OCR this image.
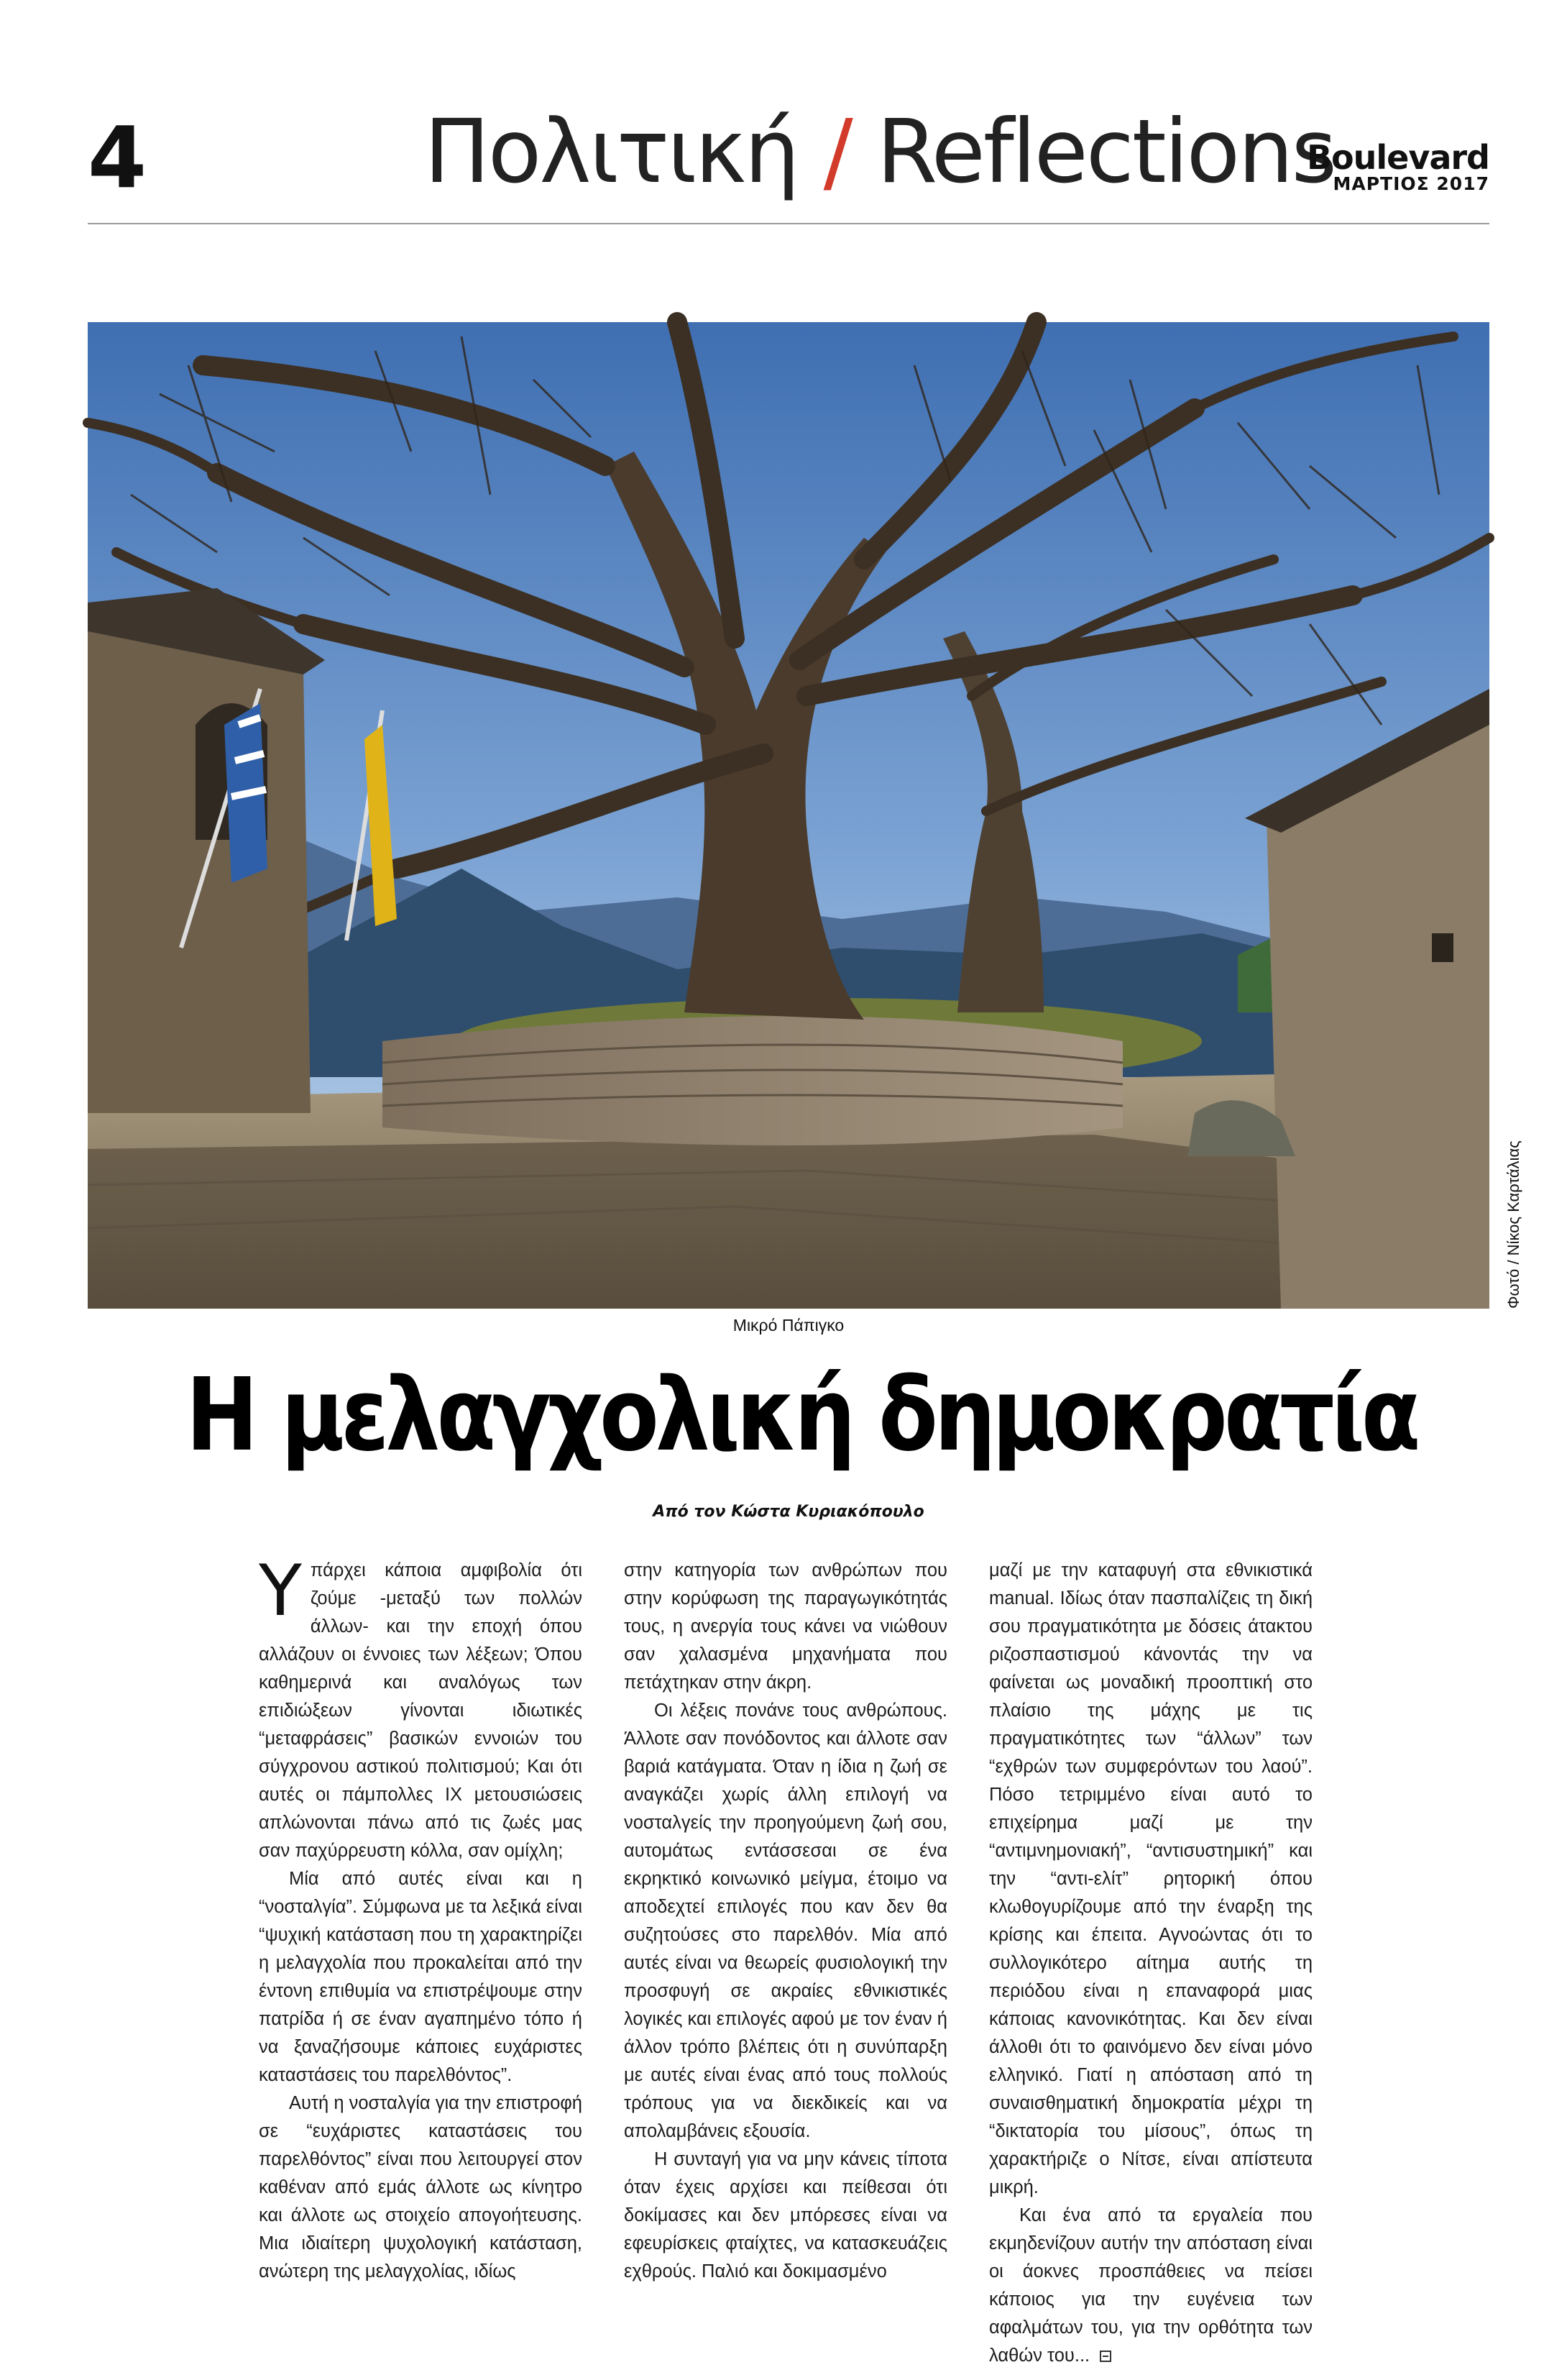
4	Πολιτική / Reflections
Boulevard
ΜΑΡΤΙΟΣ 2017
Φωτό / Nίκος Καρτάλιας
Μικρό Πάπιγκο
Η μελαγχολική δημοκρατία
Από τον Κώστα Κυριακόπουλο

Υπάρχει κάποια αμφιβολία ότι ζούμε -μεταξύ των πολλών άλλων- και την εποχή όπου αλλάζουν οι έννοιες των λέξεων; Όπου καθημερινά και αναλόγως των επιδιώξεων γίνονται ιδιωτικές “μεταφράσεις” βασικών εννοιών του σύγχρονου αστικού πολιτισμού; Και ότι αυτές οι πάμπολλες ΙΧ μετουσιώσεις απλώνονται πάνω από τις ζωές μας σαν παχύρρευστη κόλλα, σαν ομίχλη;

Μία από αυτές είναι και η “νοσταλγία”. Σύμφωνα με τα λεξικά είναι “ψυχική κατάσταση που τη χαρακτηρίζει η μελαγχολία που προκαλείται από την έντονη επιθυμία να επιστρέψουμε στην πατρίδα ή σε έναν αγαπημένο τόπο ή να ξαναζήσουμε κάποιες ευχάριστες καταστάσεις του παρελθόντος”.

Αυτή η νοσταλγία για την επιστροφή σε “ευχάριστες καταστάσεις του παρελθόντος” είναι που λειτουργεί στον καθέναν από εμάς άλλοτε ως κίνητρο και άλλοτε ως στοιχείο απογοήτευσης. Μια ιδιαίτερη ψυχολογική κατάσταση, ανώτερη της μελαγχολίας, ιδίως

στην κατηγορία των ανθρώπων που στην κορύφωση της παραγωγικότητάς τους, η ανεργία τους κάνει να νιώθουν σαν χαλασμένα μηχανήματα που πετάχτηκαν στην άκρη.

Οι λέξεις πονάνε τους ανθρώπους. Άλλοτε σαν πονόδοντος και άλλοτε σαν βαριά κατάγματα. Όταν η ίδια η ζωή σε αναγκάζει χωρίς άλλη επιλογή να νοσταλγείς την προηγούμενη ζωή σου, αυτομάτως εντάσσεσαι σε ένα εκρηκτικό κοινωνικό μείγμα, έτοιμο να αποδεχτεί επιλογές που καν δεν θα συζητούσες στο παρελθόν. Μία από αυτές είναι να θεωρείς φυσιολογική την προσφυγή σε ακραίες εθνικιστικές λογικές και επιλογές αφού με τον έναν ή άλλον τρόπο βλέπεις ότι η συνύπαρξη με αυτές είναι ένας από τους πολλούς τρόπους για να διεκδικείς και να απολαμβάνεις εξουσία.

Η συνταγή για να μην κάνεις τίποτα όταν έχεις αρχίσει και πείθεσαι ότι δοκίμασες και δεν μπόρεσες είναι να εφευρίσκεις φταίχτες, να κατασκευάζεις εχθρούς. Παλιό και δοκιμασμένο

μαζί με την καταφυγή στα εθνικιστικά manual. Ιδίως όταν πασπαλίζεις τη δική σου πραγματικότητα με δόσεις άτακτου ριζοσπαστισμού κάνοντάς την να φαίνεται ως μοναδική προοπτική στο πλαίσιο της μάχης με τις πραγματικότητες των “άλλων” των “εχθρών των συμφερόντων του λαού”. Πόσο τετριμμένο είναι αυτό το επιχείρημα μαζί με την “αντιμνημονιακή”, “αντισυστημική” και την “αντι-ελίτ” ρητορική όπου κλωθογυρίζουμε από την έναρξη της κρίσης και έπειτα. Αγνοώντας ότι το συλλογικότερο αίτημα αυτής τη περιόδου είναι η επαναφορά μιας κάποιας κανονικότητας. Και δεν είναι άλλοθι ότι το φαινόμενο δεν είναι μόνο ελληνικό. Γιατί η απόσταση από τη συναισθηματική δημοκρατία μέχρι τη “δικτατορία του μίσους”, όπως τη χαρακτήριζε ο Νίτσε, είναι απίστευτα μικρή.

Και ένα από τα εργαλεία που εκμηδενίζουν αυτήν την απόσταση είναι οι άοκνες προσπάθειες να πείσει κάποιος για την ευγένεια των αφαλμάτων του, για την ορθότητα των λαθών του...
